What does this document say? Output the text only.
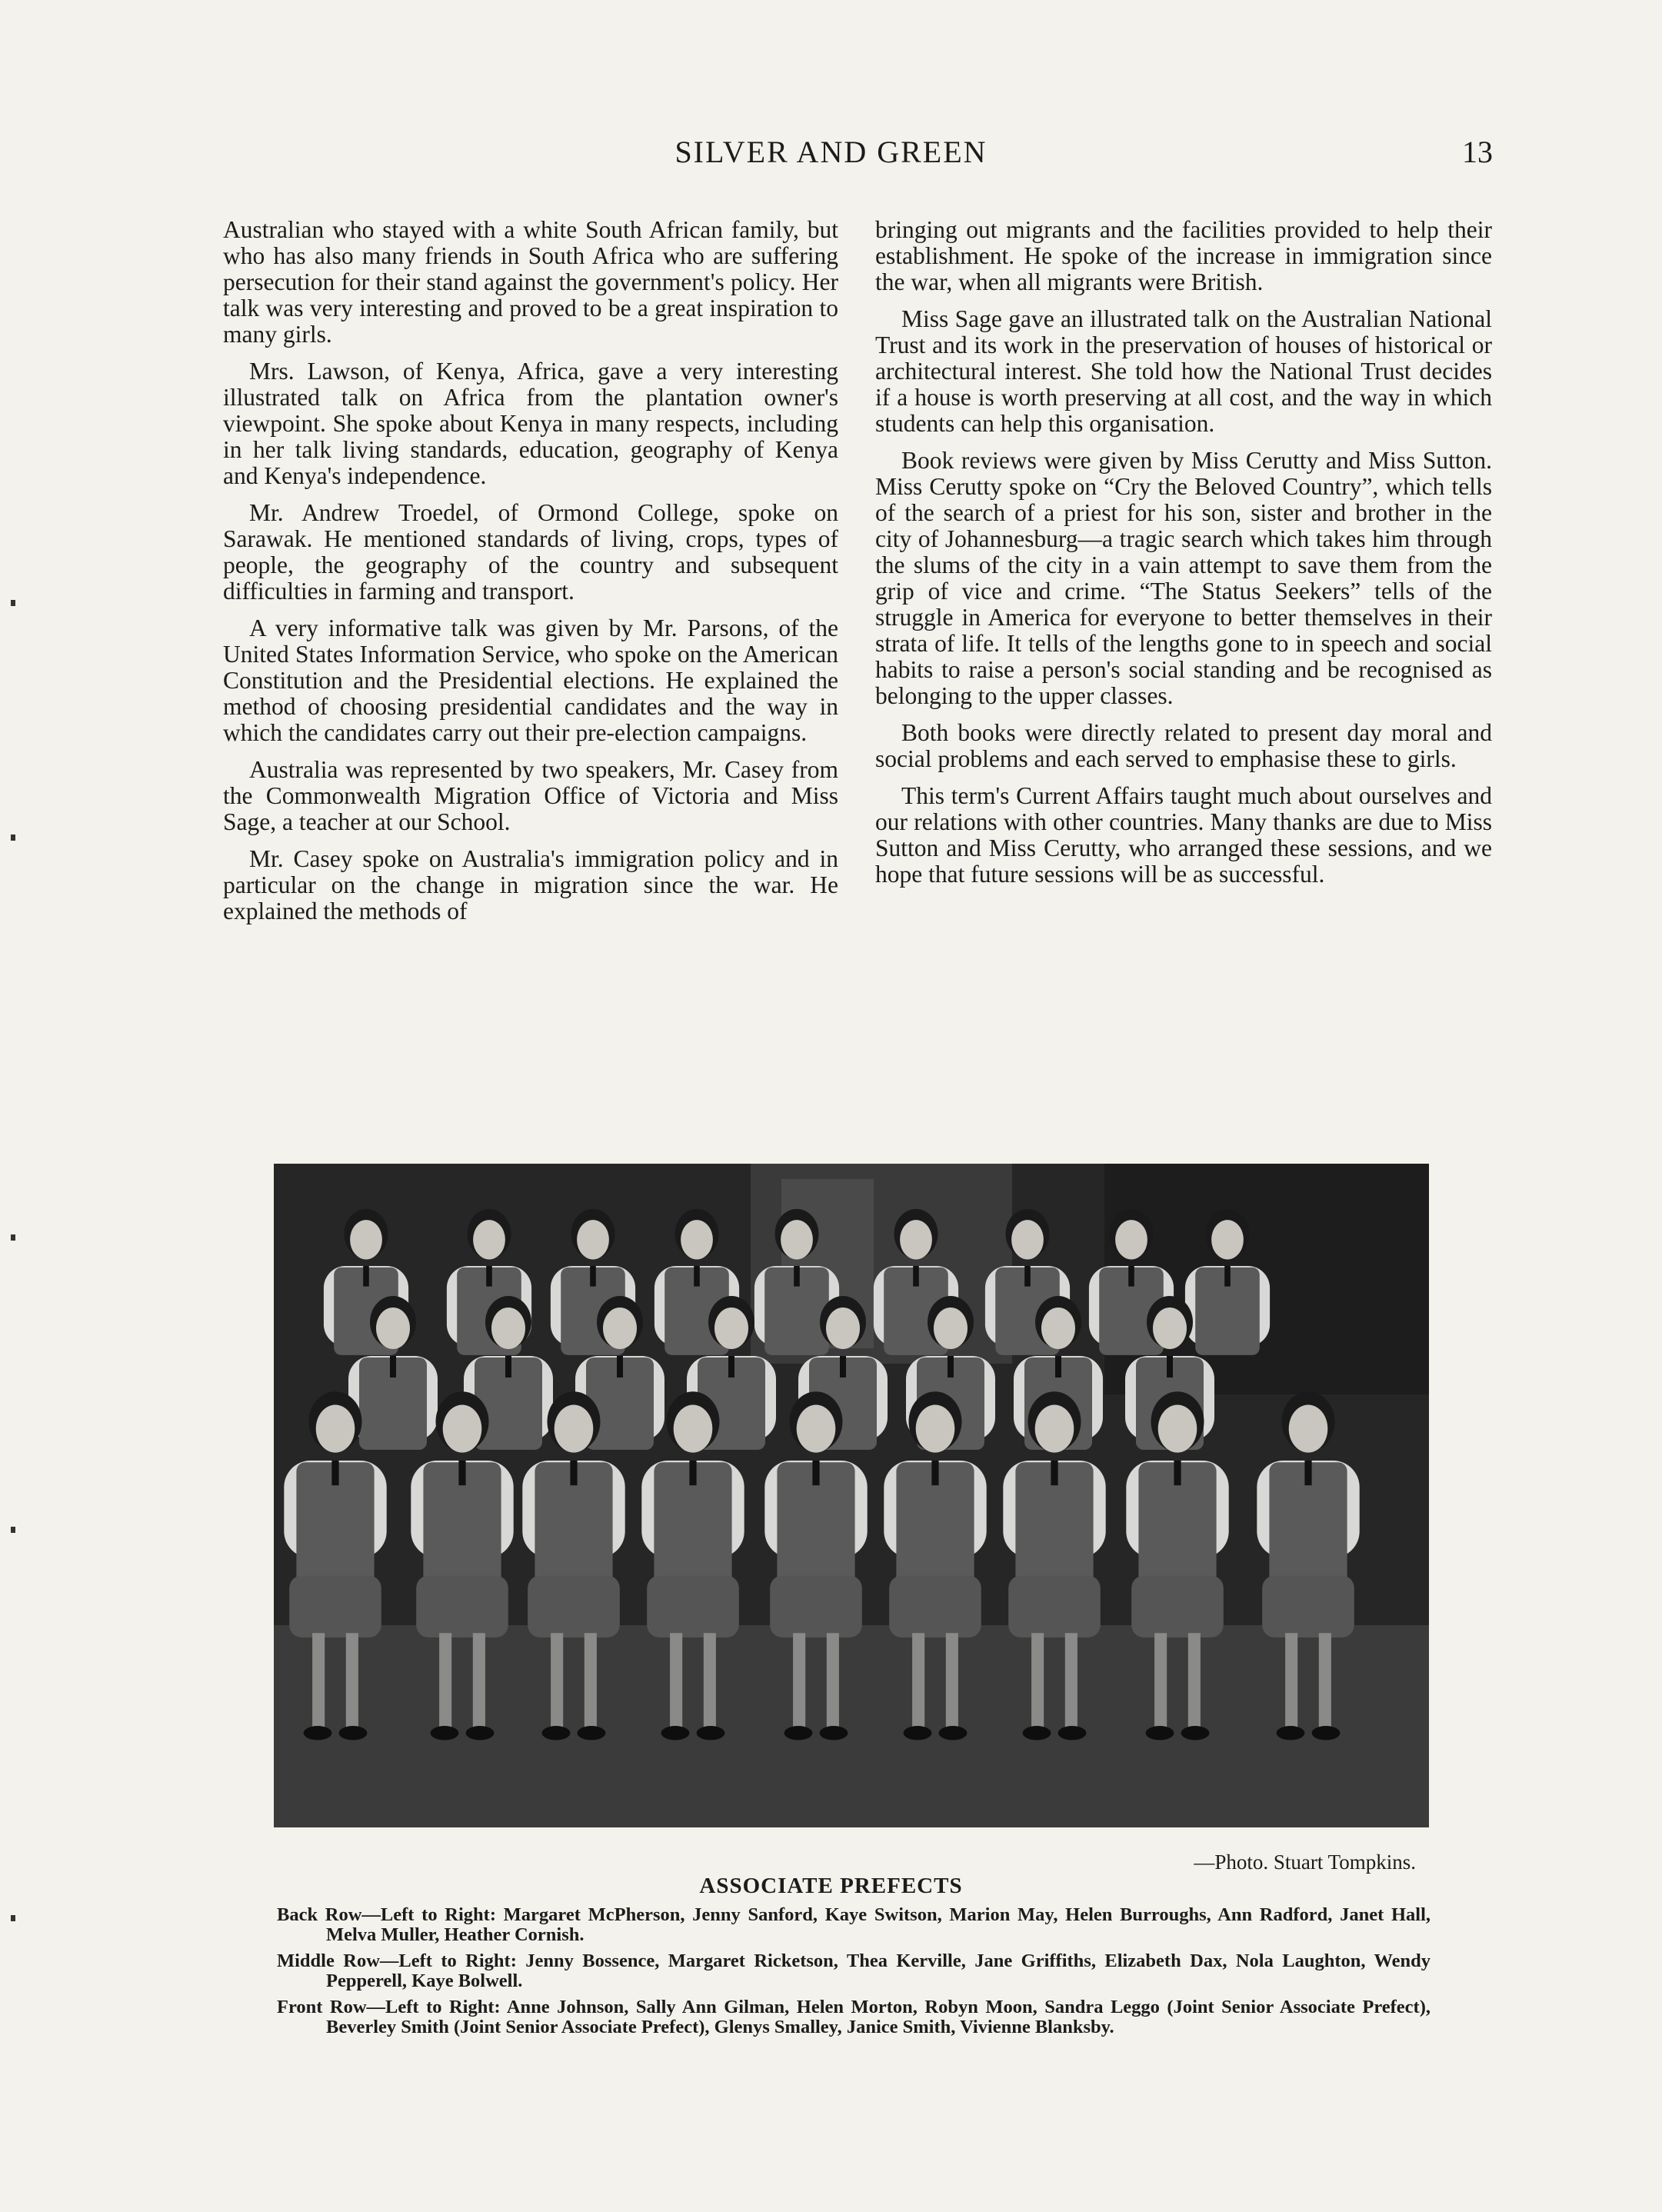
SILVER AND GREEN	13

Australian who stayed with a white South African family, but who has also many friends in South Africa who are suffering persecution for their stand against the government's policy. Her talk was very interesting and proved to be a great inspiration to many girls.

Mrs. Lawson, of Kenya, Africa, gave a very interesting illustrated talk on Africa from the plantation owner's viewpoint. She spoke about Kenya in many respects, including in her talk living standards, education, geography of Kenya and Kenya's independence.

Mr. Andrew Troedel, of Ormond College, spoke on Sarawak. He mentioned standards of living, crops, types of people, the geography of the country and subsequent difficulties in farming and transport.

A very informative talk was given by Mr. Parsons, of the United States Information Service, who spoke on the American Constitution and the Presidential elections. He explained the method of choosing presidential candidates and the way in which the candidates carry out their pre-election campaigns.

Australia was represented by two speakers, Mr. Casey from the Commonwealth Migration Office of Victoria and Miss Sage, a teacher at our School.

Mr. Casey spoke on Australia's immigration policy and in particular on the change in migration since the war. He explained the methods of

bringing out migrants and the facilities provided to help their establishment. He spoke of the increase in immigration since the war, when all migrants were British.

Miss Sage gave an illustrated talk on the Australian National Trust and its work in the preservation of houses of historical or architectural interest. She told how the National Trust decides if a house is worth preserving at all cost, and the way in which students can help this organisation.

Book reviews were given by Miss Cerutty and Miss Sutton. Miss Cerutty spoke on “Cry the Beloved Country”, which tells of the search of a priest for his son, sister and brother in the city of Johannesburg—a tragic search which takes him through the slums of the city in a vain attempt to save them from the grip of vice and crime. “The Status Seekers” tells of the struggle in America for everyone to better themselves in their strata of life. It tells of the lengths gone to in speech and social habits to raise a person's social standing and be recognised as belonging to the upper classes.

Both books were directly related to present day moral and social problems and each served to emphasise these to girls.

This term's Current Affairs taught much about ourselves and our relations with other countries. Many thanks are due to Miss Sutton and Miss Cerutty, who arranged these sessions, and we hope that future sessions will be as successful.

—Photo. Stuart Tompkins.
ASSOCIATE PREFECTS

Back Row—Left to Right: Margaret McPherson, Jenny Sanford, Kaye Switson, Marion May, Helen Burroughs, Ann Radford, Janet Hall, Melva Muller, Heather Cornish.

Middle Row—Left to Right: Jenny Bossence, Margaret Ricketson, Thea Kerville, Jane Griffiths, Elizabeth Dax, Nola Laughton, Wendy Pepperell, Kaye Bolwell.

Front Row—Left to Right: Anne Johnson, Sally Ann Gilman, Helen Morton, Robyn Moon, Sandra Leggo (Joint Senior Associate Prefect), Beverley Smith (Joint Senior Associate Prefect), Glenys Smalley, Janice Smith, Vivienne Blanksby.
